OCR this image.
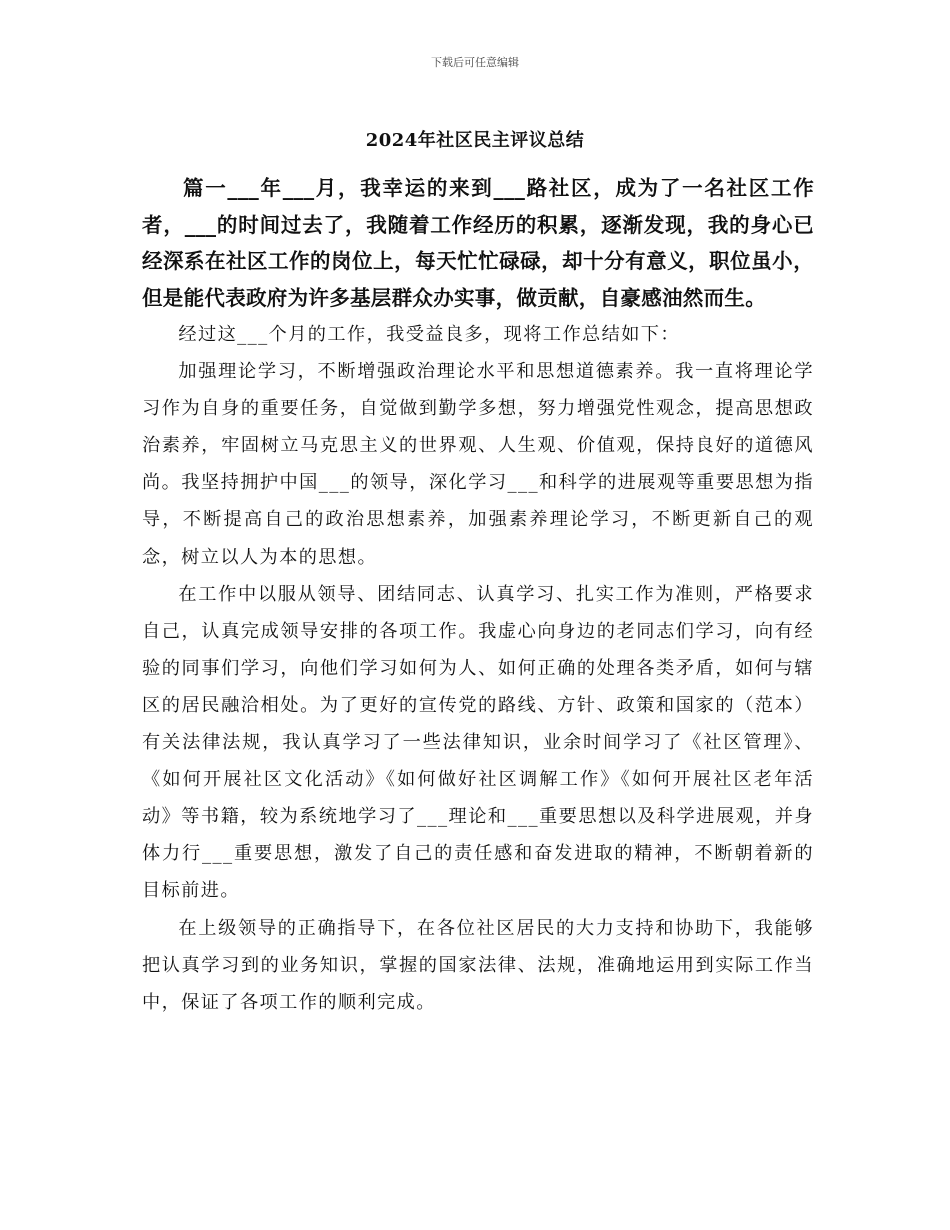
下载后可任意编辑
2024年社区民主评议总结

篇一___年___月，我幸运的来到___路社区，成为了一名社区工作者，___的时间过去了，我随着工作经历的积累，逐渐发现，我的身心已经深系在社区工作的岗位上，每天忙忙碌碌，却十分有意义，职位虽小，但是能代表政府为许多基层群众办实事，做贡献，自豪感油然而生。

经过这___个月的工作，我受益良多，现将工作总结如下：

加强理论学习，不断增强政治理论水平和思想道德素养。我一直将理论学习作为自身的重要任务，自觉做到勤学多想，努力增强党性观念，提高思想政治素养，牢固树立马克思主义的世界观、人生观、价值观，保持良好的道德风尚。我坚持拥护中国___的领导，深化学习___和科学的进展观等重要思想为指导，不断提高自己的政治思想素养，加强素养理论学习，不断更新自己的观念，树立以人为本的思想。

在工作中以服从领导、团结同志、认真学习、扎实工作为准则，严格要求自己，认真完成领导安排的各项工作。我虚心向身边的老同志们学习，向有经验的同事们学习，向他们学习如何为人、如何正确的处理各类矛盾，如何与辖区的居民融洽相处。为了更好的宣传党的路线、方针、政策和国家的（范本）有关法律法规，我认真学习了一些法律知识，业余时间学习了《社区管理》、《如何开展社区文化活动》《如何做好社区调解工作》《如何开展社区老年活动》等书籍，较为系统地学习了___理论和___重要思想以及科学进展观，并身体力行___重要思想，激发了自己的责任感和奋发进取的精神，不断朝着新的目标前进。

在上级领导的正确指导下，在各位社区居民的大力支持和协助下，我能够把认真学习到的业务知识，掌握的国家法律、法规，准确地运用到实际工作当中，保证了各项工作的顺利完成。
